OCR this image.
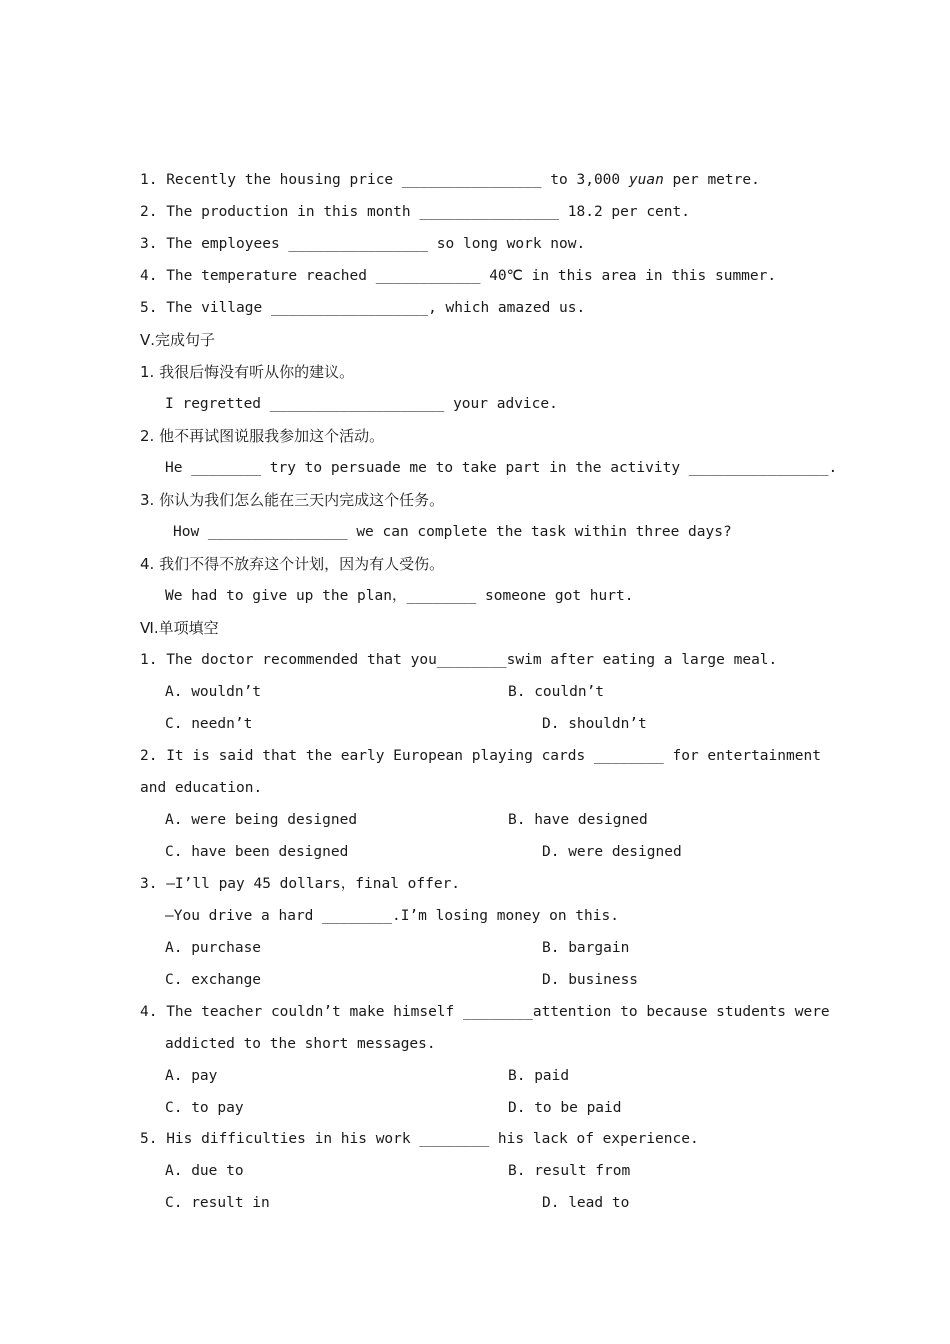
1. Recently the housing price ________________ to 3,000 yuan per metre.
2. The production in this month ________________ 18.2 per cent.
3. The employees ________________ so long work now.
4. The temperature reached ____________ 40℃ in this area in this summer.
5. The village __________________, which amazed us.
Ⅴ.完成句子
1. 我很后悔没有听从你的建议。
I regretted ____________________ your advice.
2. 他不再试图说服我参加这个活动。
He ________ try to persuade me to take part in the activity ________________.
3. 你认为我们怎么能在三天内完成这个任务。
How ________________ we can complete the task within three days?
4. 我们不得不放弃这个计划，因为有人受伤。
We had to give up the plan，________ someone got hurt.
Ⅵ.单项填空
1. The doctor recommended that you________swim after eating a large meal.
A. wouldn’t	B. couldn’t
C. needn’t	D. shouldn’t
2. It is said that the early European playing cards ________ for entertainment
and education.
A. were being designed	B. have designed
C. have been designed	D. were designed
3. —I’ll pay 45 dollars，final offer.
—You drive a hard ________.I’m losing money on this.
A. purchase	B. bargain
C. exchange	D. business
4. The teacher couldn’t make himself ________attention to because students were
addicted to the short messages.
A. pay	B. paid
C. to pay	D. to be paid
5. His difficulties in his work ________ his lack of experience.
A. due to	B. result from
C. result in	D. lead to
